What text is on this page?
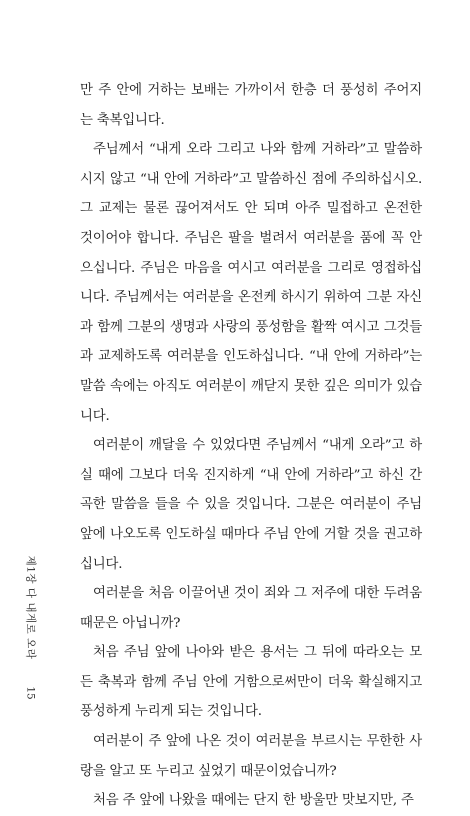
만 주 안에 거하는 보배는 가까이서 한층 더 풍성히 주어지는 축복입니다.

주님께서 “내게 오라 그리고 나와 함께 거하라”고 말씀하시지 않고 “내 안에 거하라”고 말씀하신 점에 주의하십시오. 그 교제는 물론 끊어져서도 안 되며 아주 밀접하고 온전한 것이어야 합니다. 주님은 팔을 벌려서 여러분을 품에 꼭 안으십니다. 주님은 마음을 여시고 여러분을 그리로 영접하십니다. 주님께서는 여러분을 온전케 하시기 위하여 그분 자신과 함께 그분의 생명과 사랑의 풍성함을 활짝 여시고 그것들과 교제하도록 여러분을 인도하십니다. “내 안에 거하라”는 말씀 속에는 아직도 여러분이 깨닫지 못한 깊은 의미가 있습니다.

여러분이 깨달을 수 있었다면 주님께서 “내게 오라”고 하실 때에 그보다 더욱 진지하게 “내 안에 거하라”고 하신 간곡한 말씀을 들을 수 있을 것입니다. 그분은 여러분이 주님 앞에 나오도록 인도하실 때마다 주님 안에 거할 것을 권고하십니다.

여러분을 처음 이끌어낸 것이 죄와 그 저주에 대한 두려움 때문은 아닙니까?

처음 주님 앞에 나아와 받은 용서는 그 뒤에 따라오는 모든 축복과 함께 주님 안에 거함으로써만이 더욱 확실해지고 풍성하게 누리게 되는 것입니다.

여러분이 주 앞에 나온 것이 여러분을 부르시는 무한한 사랑을 알고 또 누리고 싶었기 때문이었습니까?

처음 주 앞에 나왔을 때에는 단지 한 방울만 맛보지만, 주

제1장 다 내게로 오라
15
